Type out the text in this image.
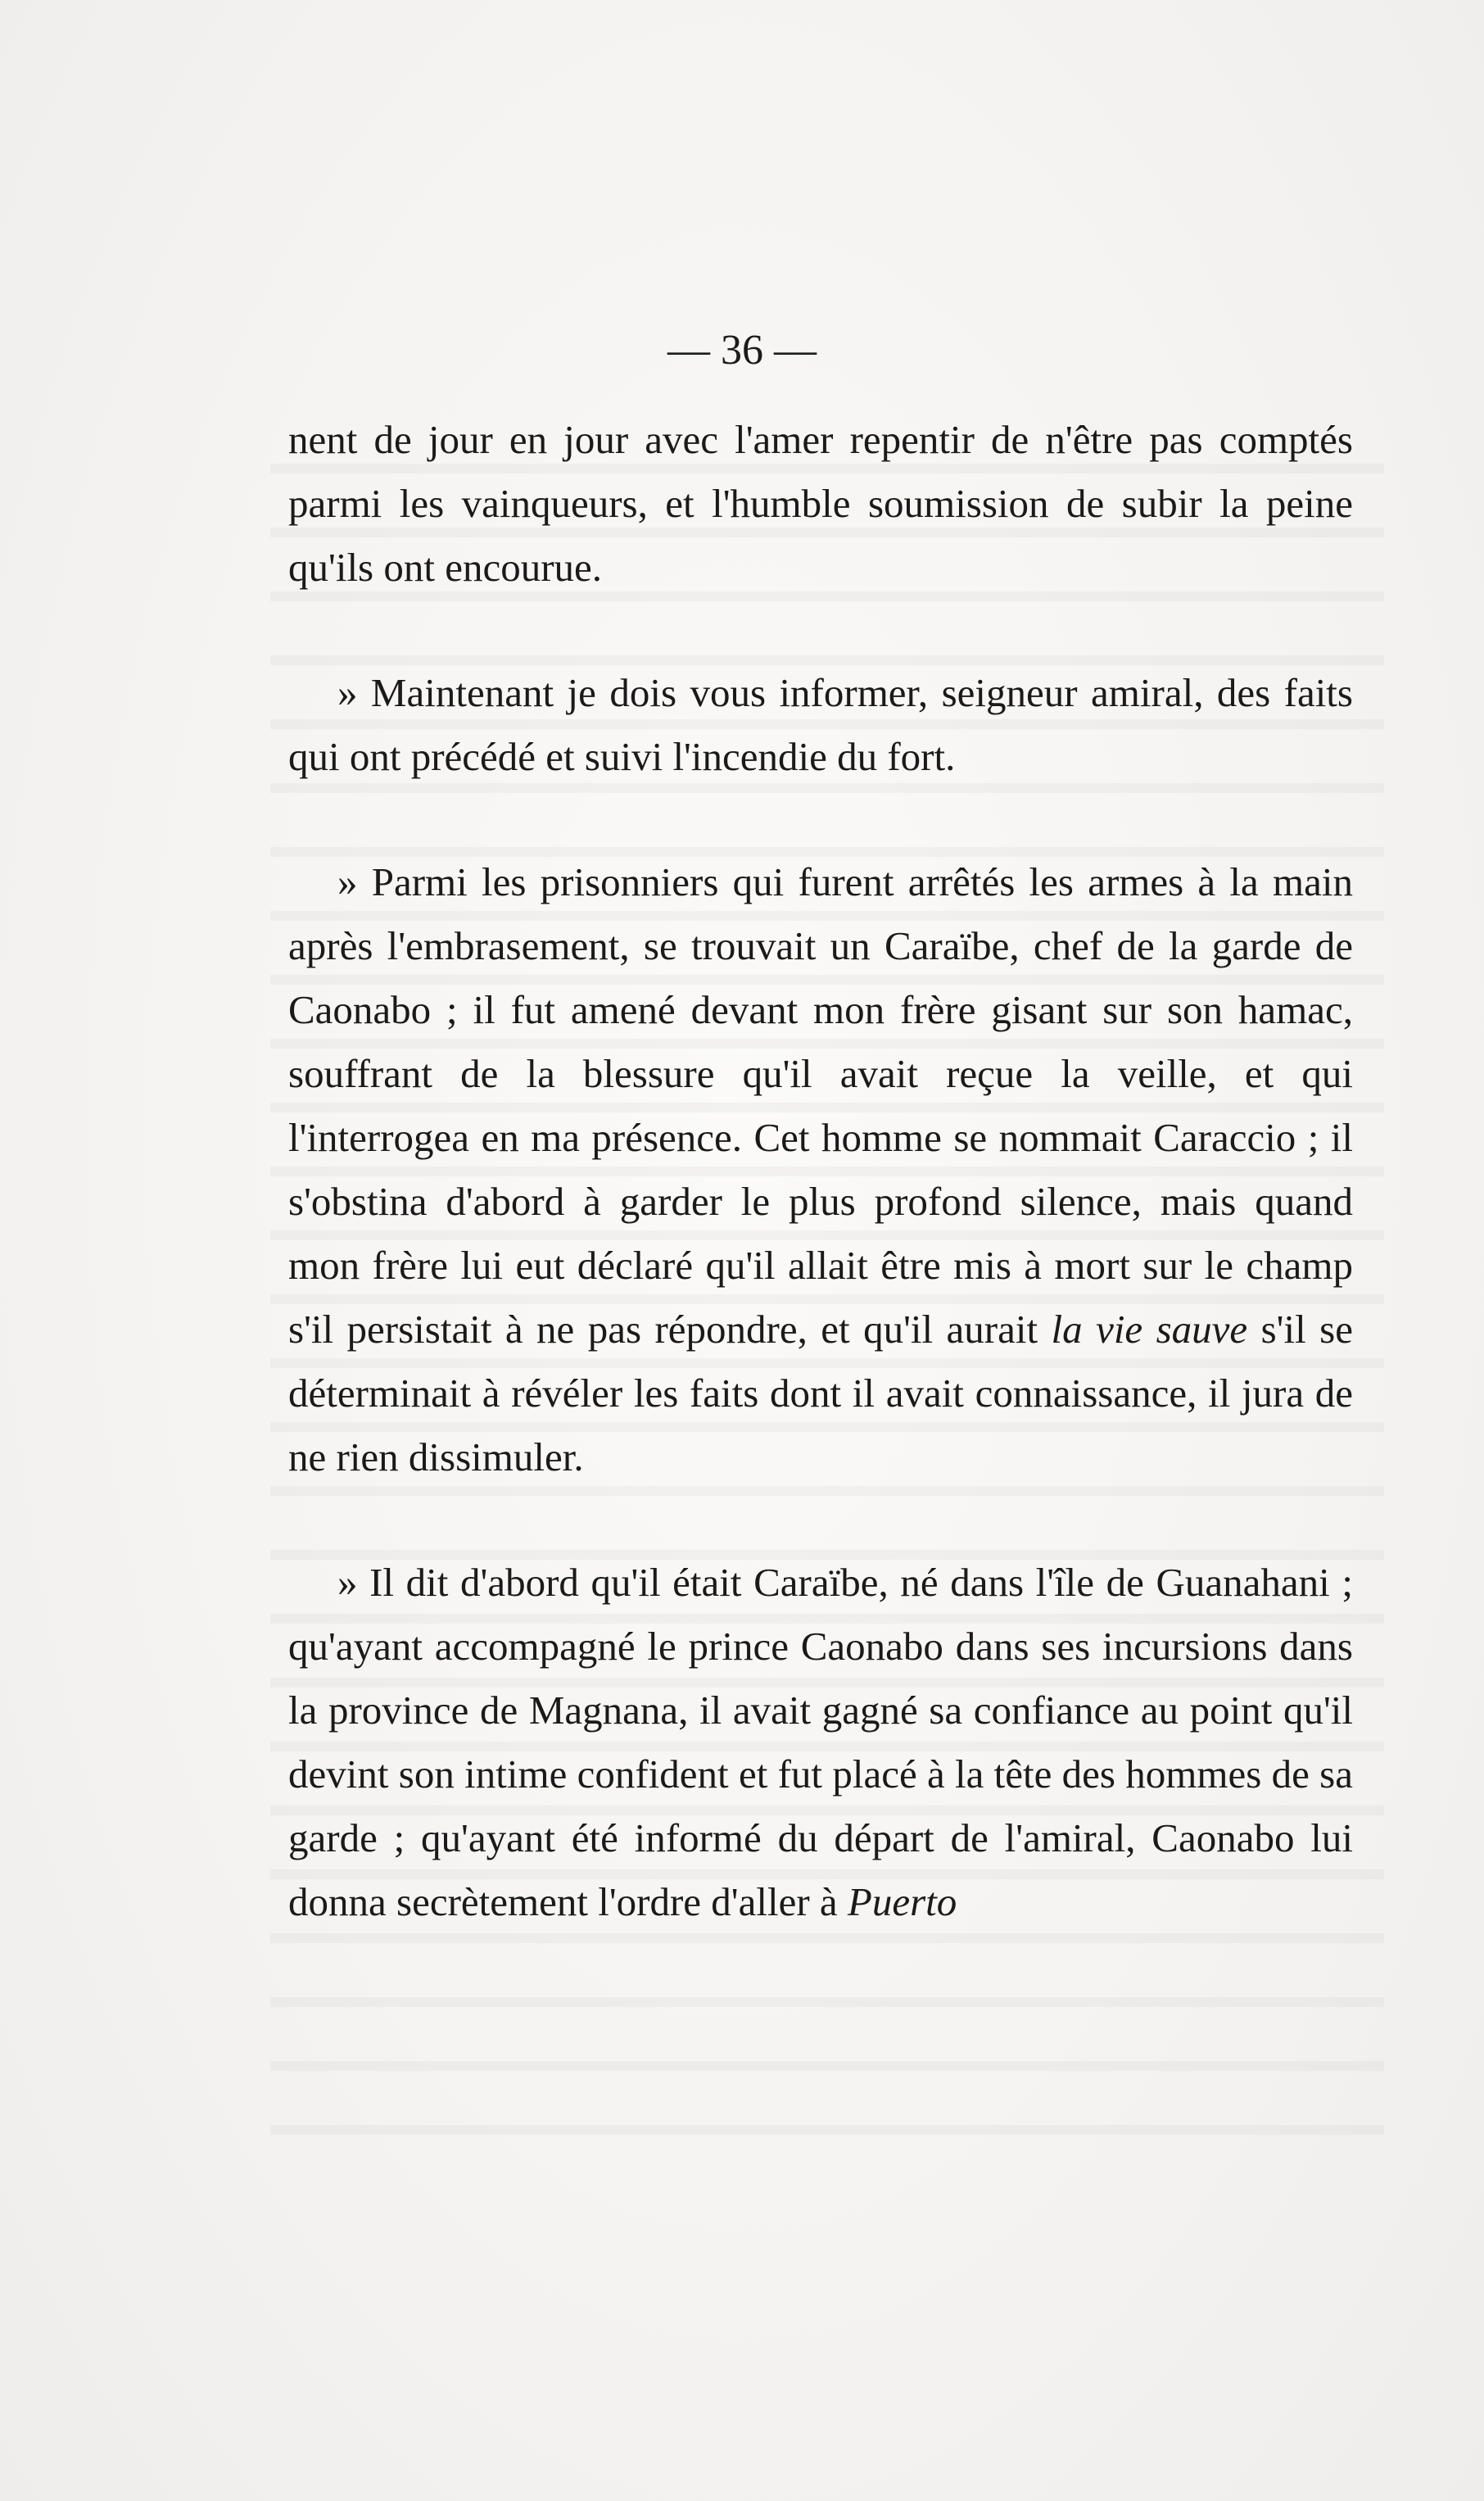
— 36 —

nent de jour en jour avec l'amer repentir de n'être pas comptés parmi les vainqueurs, et l'humble soumission de subir la peine qu'ils ont encourue.

» Maintenant je dois vous informer, seigneur amiral, des faits qui ont précédé et suivi l'incendie du fort.

» Parmi les prisonniers qui furent arrêtés les armes à la main après l'embrasement, se trouvait un Caraïbe, chef de la garde de Caonabo ; il fut amené devant mon frère gisant sur son hamac, souffrant de la blessure qu'il avait reçue la veille, et qui l'interrogea en ma présence. Cet homme se nommait Caraccio ; il s'obstina d'abord à garder le plus profond silence, mais quand mon frère lui eut déclaré qu'il allait être mis à mort sur le champ s'il persistait à ne pas répondre, et qu'il aurait la vie sauve s'il se déterminait à révéler les faits dont il avait connaissance, il jura de ne rien dissimuler.

» Il dit d'abord qu'il était Caraïbe, né dans l'île de Guanahani ; qu'ayant accompagné le prince Caonabo dans ses incursions dans la province de Magnana, il avait gagné sa confiance au point qu'il devint son intime confident et fut placé à la tête des hommes de sa garde ; qu'ayant été informé du départ de l'amiral, Caonabo lui donna secrètement l'ordre d'aller à Puerto
